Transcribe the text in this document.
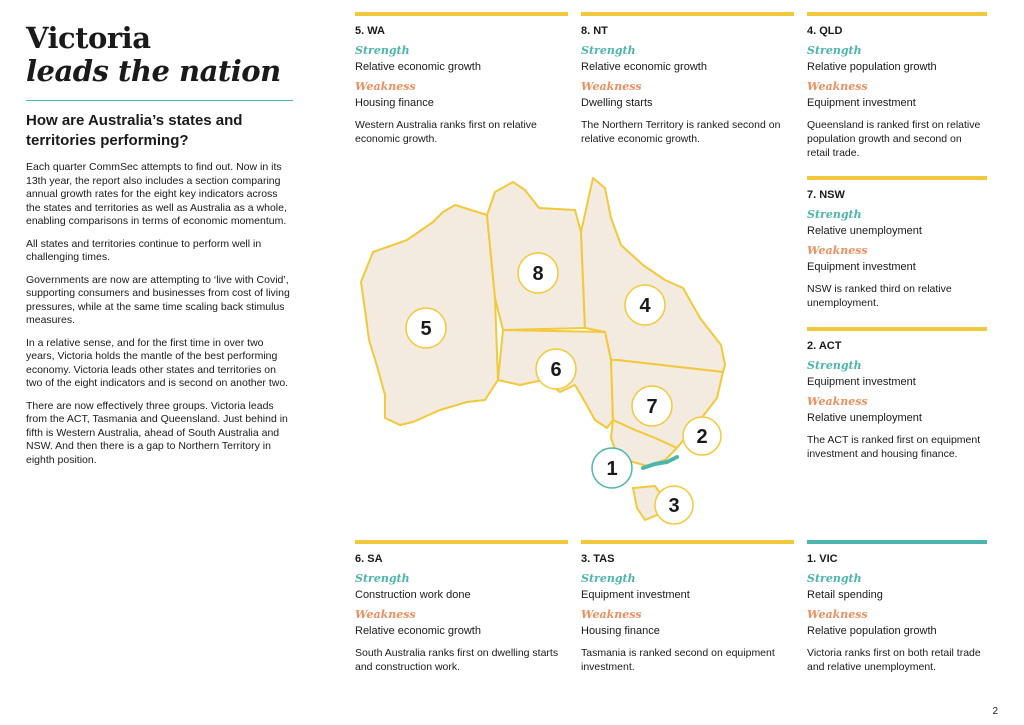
Victoria
leads the nation
How are Australia’s states and territories performing?

Each quarter CommSec attempts to find out. Now in its 13th year, the report also includes a section comparing annual growth rates for the eight key indicators across the states and territories as well as Australia as a whole, enabling comparisons in terms of economic momentum.

All states and territories continue to perform well in challenging times.

Governments are now are attempting to ‘live with Covid’, supporting consumers and businesses from cost of living pressures, while at the same time scaling back stimulus measures.

In a relative sense, and for the first time in over two years, Victoria holds the mantle of the best performing economy. Victoria leads other states and territories on two of the eight indicators and is second on another two.

There are now effectively three groups. Victoria leads from the ACT, Tasmania and Queensland. Just behind in fifth is Western Australia, ahead of South Australia and NSW. And then there is a gap to Northern Territory in eighth position.

5. WA
Strength
Relative economic growth
Weakness
Housing finance
Western Australia ranks first on relative economic growth.
8. NT
Strength
Relative economic growth
Weakness
Dwelling starts
The Northern Territory is ranked second on relative economic growth.
4. QLD
Strength
Relative population growth
Weakness
Equipment investment
Queensland is ranked first on relative population growth and second on retail trade.
7. NSW
Strength
Relative unemployment
Weakness
Equipment investment
NSW is ranked third on relative unemployment.
2. ACT
Strength
Equipment investment
Weakness
Relative unemployment
The ACT is ranked first on equipment investment and housing finance.
6. SA
Strength
Construction work done
Weakness
Relative economic growth
South Australia ranks first on dwelling starts and construction work.
3. TAS
Strength
Equipment investment
Weakness
Housing finance
Tasmania is ranked second on equipment investment.
1. VIC
Strength
Retail spending
Weakness
Relative population growth
Victoria ranks first on both retail trade and relative unemployment.
5
8
4
6
7
2
1
3
2
